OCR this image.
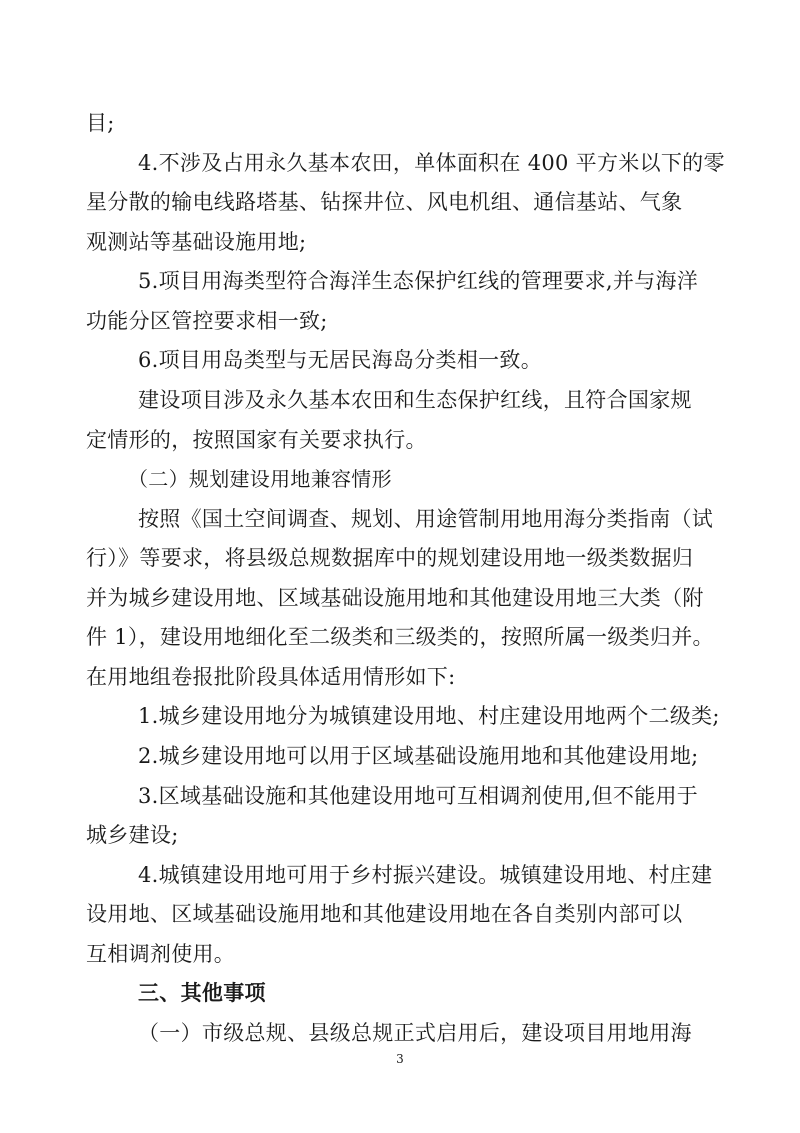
目;
4.不涉及占用永久基本农田，单体面积在 400 平方米以下的零
星分散的输电线路塔基、钻探井位、风电机组、通信基站、气象
观测站等基础设施用地;
5.项目用海类型符合海洋生态保护红线的管理要求,并与海洋
功能分区管控要求相一致;
6.项目用岛类型与无居民海岛分类相一致。
建设项目涉及永久基本农田和生态保护红线，且符合国家规
定情形的，按照国家有关要求执行。
（二）规划建设用地兼容情形
按照《国土空间调查、规划、用途管制用地用海分类指南（试
行）》等要求，将县级总规数据库中的规划建设用地一级类数据归
并为城乡建设用地、区域基础设施用地和其他建设用地三大类（附
件 1），建设用地细化至二级类和三级类的，按照所属一级类归并。
在用地组卷报批阶段具体适用情形如下:
1.城乡建设用地分为城镇建设用地、村庄建设用地两个二级类;
2.城乡建设用地可以用于区域基础设施用地和其他建设用地;
3.区域基础设施和其他建设用地可互相调剂使用,但不能用于
城乡建设;
4.城镇建设用地可用于乡村振兴建设。城镇建设用地、村庄建
设用地、区域基础设施用地和其他建设用地在各自类别内部可以
互相调剂使用。
三、其他事项
（一）市级总规、县级总规正式启用后，建设项目用地用海
3
